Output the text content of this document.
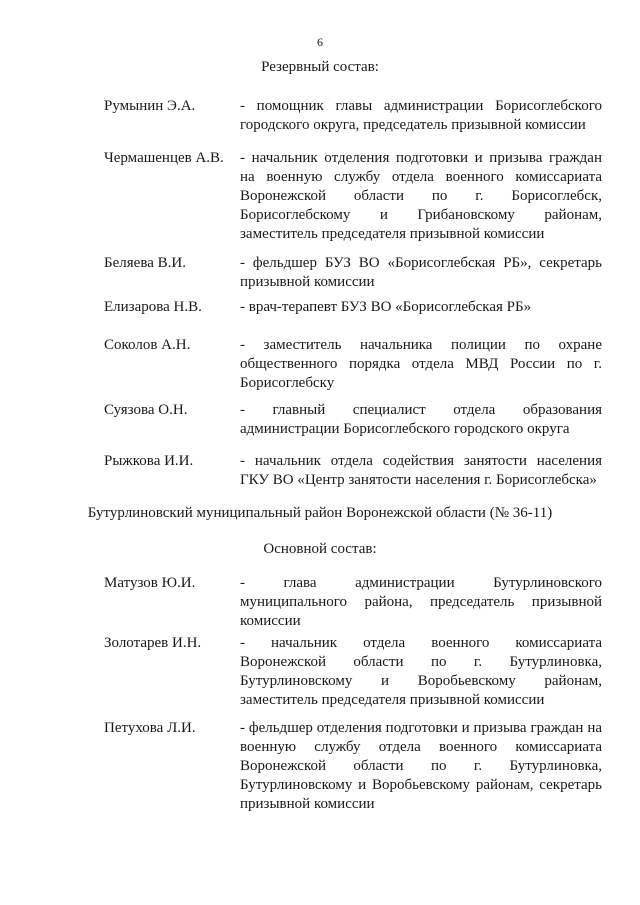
6
Резервный состав:
Румынин Э.А.	- помощник главы администрации Борисоглебского городского округа, председатель призывной комиссии
Чермашенцев А.В. - начальник отделения подготовки и призыва граждан на военную службу отдела военного комиссариата Воронежской области по г. Борисоглебск, Борисоглебскому и Грибановскому районам, заместитель председателя призывной комиссии
Беляева В.И.	- фельдшер БУЗ ВО «Борисоглебская РБ», секретарь призывной комиссии
Елизарова Н.В.	- врач-терапевт БУЗ ВО «Борисоглебская РБ»
Соколов А.Н.	- заместитель начальника полиции по охране общественного порядка отдела МВД России по г. Борисоглебску
Суязова О.Н.	- главный специалист отдела образования администрации Борисоглебского городского округа
Рыжкова И.И.	- начальник отдела содействия занятости населения ГКУ ВО «Центр занятости населения г. Борисоглебска»
Бутурлиновский муниципальный район Воронежской области (№ 36-11)
Основной состав:
Матузов Ю.И.	- глава администрации Бутурлиновского муниципального района, председатель призывной комиссии
Золотарев И.Н.	- начальник отдела военного комиссариата Воронежской области по г. Бутурлиновка, Бутурлиновскому и Воробьевскому районам, заместитель председателя призывной комиссии
Петухова Л.И.	- фельдшер отделения подготовки и призыва граждан на военную службу отдела военного комиссариата Воронежской области по г. Бутурлиновка, Бутурлиновскому и Воробьевскому районам, секретарь призывной комиссии
